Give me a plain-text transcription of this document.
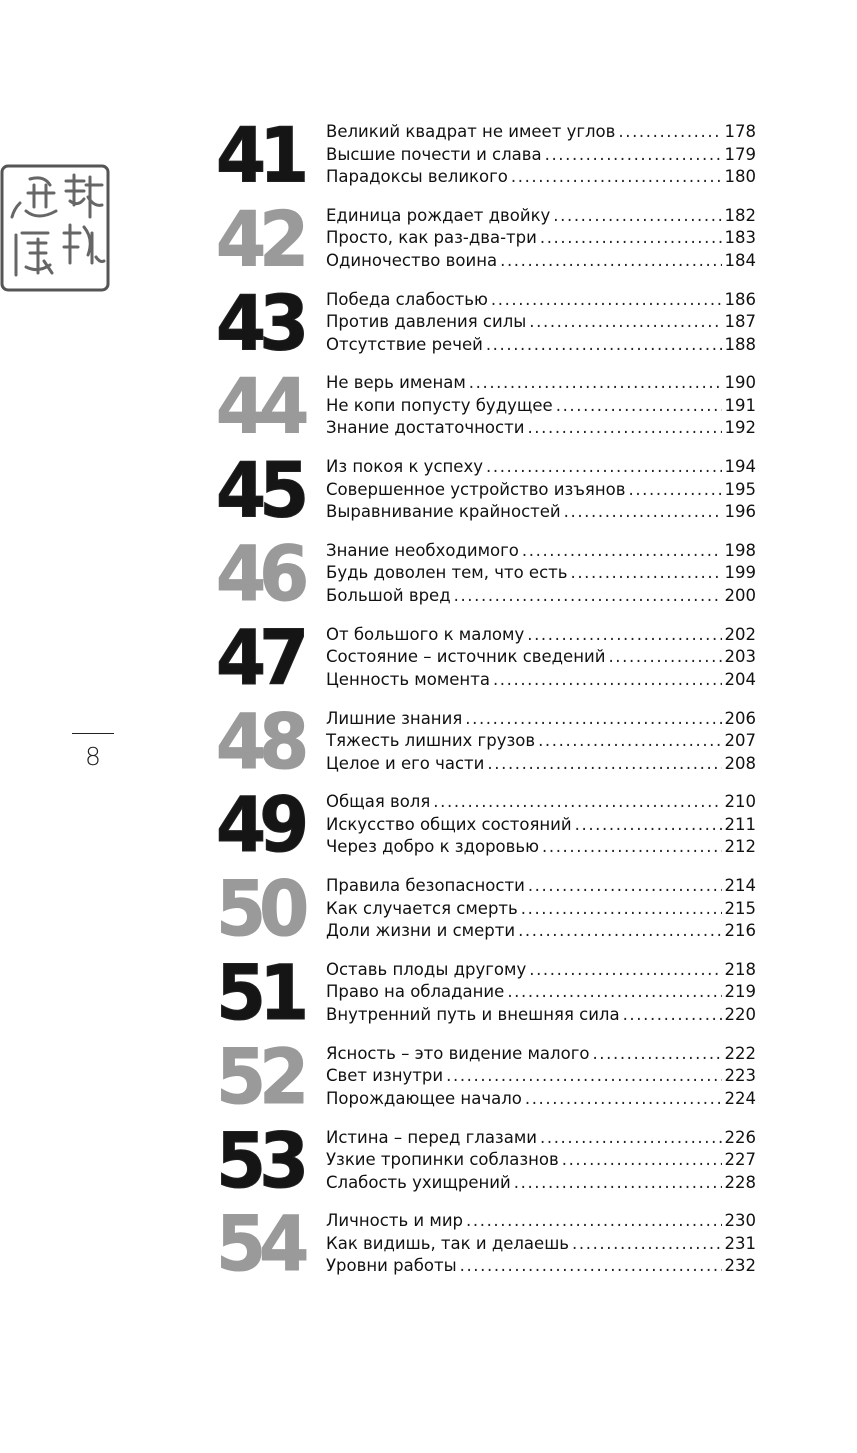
8
41	Великий квадрат не имеет углов .....	178
Высшие почести и слава .....	179
Парадоксы великого .....	180
42	Единица рождает двойку .....	182
Просто, как раз-два-три .....	183
Одиночество воина .....	184
43	Победа слабостью .....	186
Против давления силы .....	187
Отсутствие речей .....	188
44	Не верь именам .....	190
Не копи попусту будущее .....	191
Знание достаточности .....	192
45	Из покоя к успеху .....	194
Совершенное устройство изъянов .....	195
Выравнивание крайностей .....	196
46	Знание необходимого .....	198
Будь доволен тем, что есть .....	199
Большой вред .....	200
47	От большого к малому .....	202
Состояние – источник сведений .....	203
Ценность момента .....	204
48	Лишние знания .....	206
Тяжесть лишних грузов .....	207
Целое и его части .....	208
49	Общая воля .....	210
Искусство общих состояний .....	211
Через добро к здоровью .....	212
50	Правила безопасности .....	214
Как случается смерть .....	215
Доли жизни и смерти .....	216
51	Оставь плоды другому .....	218
Право на обладание .....	219
Внутренний путь и внешняя сила .....	220
52	Ясность – это видение малого .....	222
Свет изнутри .....	223
Порождающее начало .....	224
53	Истина – перед глазами .....	226
Узкие тропинки соблазнов .....	227
Слабость ухищрений .....	228
54	Личность и мир .....	230
Как видишь, так и делаешь .....	231
Уровни работы .....	232
